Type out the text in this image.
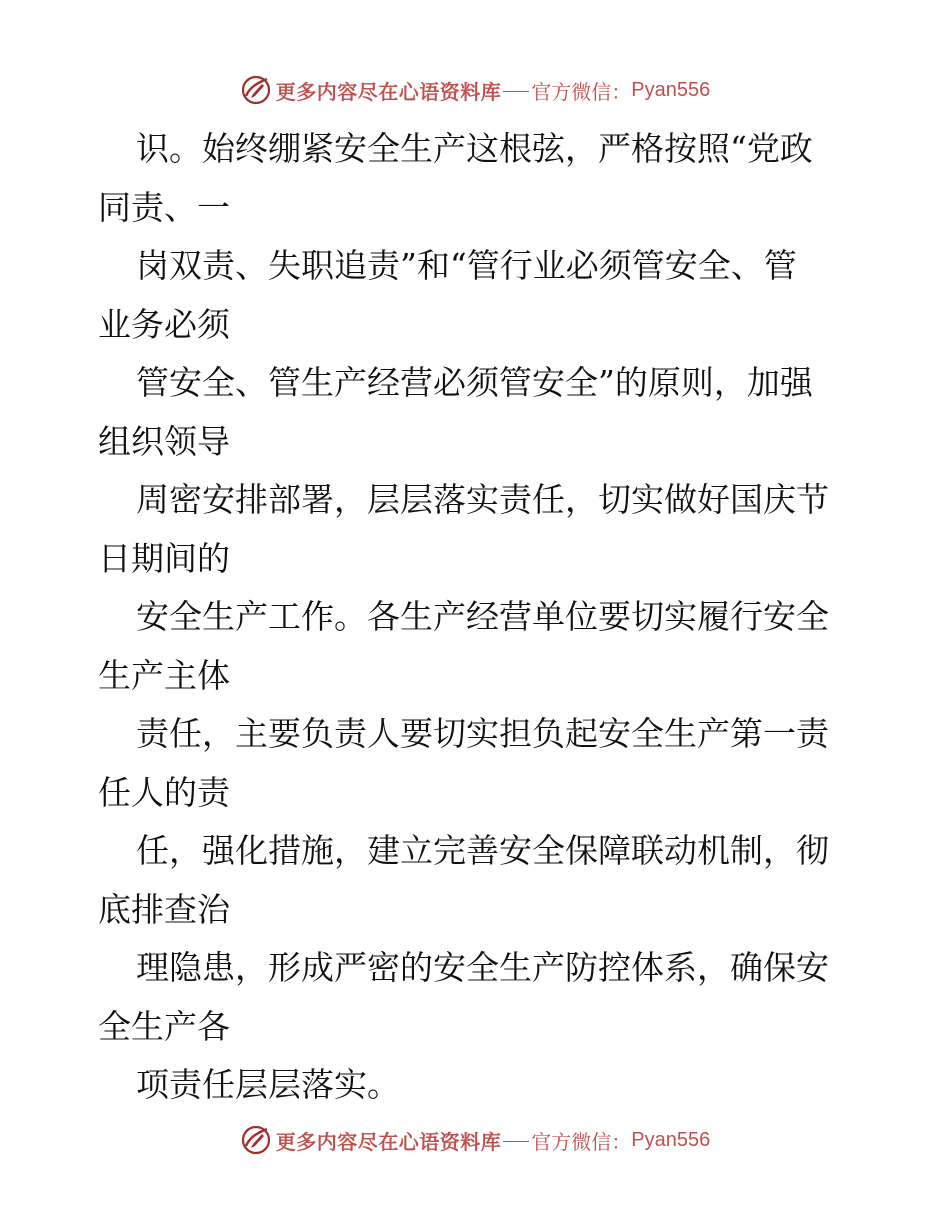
更多内容尽在心语资料库 官方微信： Pyan556
识。始终绷紧安全生产这根弦，严格按照“党政
同责、一
岗双责、失职追责”和“管行业必须管安全、管
业务必须
管安全、管生产经营必须管安全”的原则，加强
组织领导
周密安排部署，层层落实责任，切实做好国庆节
日期间的
安全生产工作。各生产经营单位要切实履行安全
生产主体
责任，主要负责人要切实担负起安全生产第一责
任人的责
任，强化措施，建立完善安全保障联动机制，彻
底排查治
理隐患，形成严密的安全生产防控体系，确保安
全生产各
项责任层层落实。
更多内容尽在心语资料库 官方微信： Pyan556
